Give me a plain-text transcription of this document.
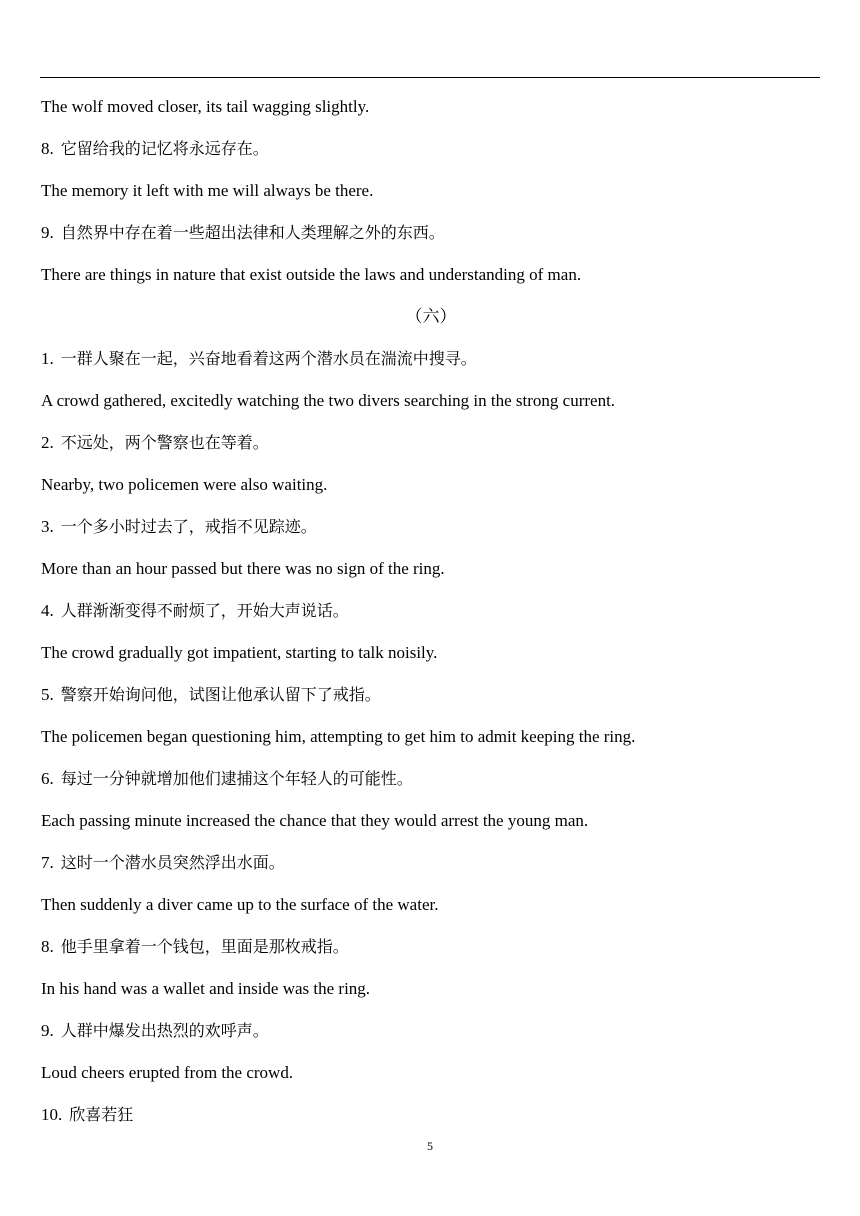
The wolf moved closer, its tail wagging slightly.
8. 它留给我的记忆将永远存在。
The memory it left with me will always be there.
9. 自然界中存在着一些超出法律和人类理解之外的东西。
There are things in nature that exist outside the laws and understanding of man.
（六）
1. 一群人聚在一起，兴奋地看着这两个潜水员在湍流中搜寻。
A crowd gathered, excitedly watching the two divers searching in the strong current.
2. 不远处，两个警察也在等着。
Nearby, two policemen were also waiting.
3. 一个多小时过去了，戒指不见踪迹。
More than an hour passed but there was no sign of the ring.
4. 人群渐渐变得不耐烦了，开始大声说话。
The crowd gradually got impatient, starting to talk noisily.
5. 警察开始询问他，试图让他承认留下了戒指。
The policemen began questioning him, attempting to get him to admit keeping the ring.
6. 每过一分钟就增加他们逮捕这个年轻人的可能性。
Each passing minute increased the chance that they would arrest the young man.
7. 这时一个潜水员突然浮出水面。
Then suddenly a diver came up to the surface of the water.
8. 他手里拿着一个钱包，里面是那枚戒指。
In his hand was a wallet and inside was the ring.
9. 人群中爆发出热烈的欢呼声。
Loud cheers erupted from the crowd.
10. 欣喜若狂
5
